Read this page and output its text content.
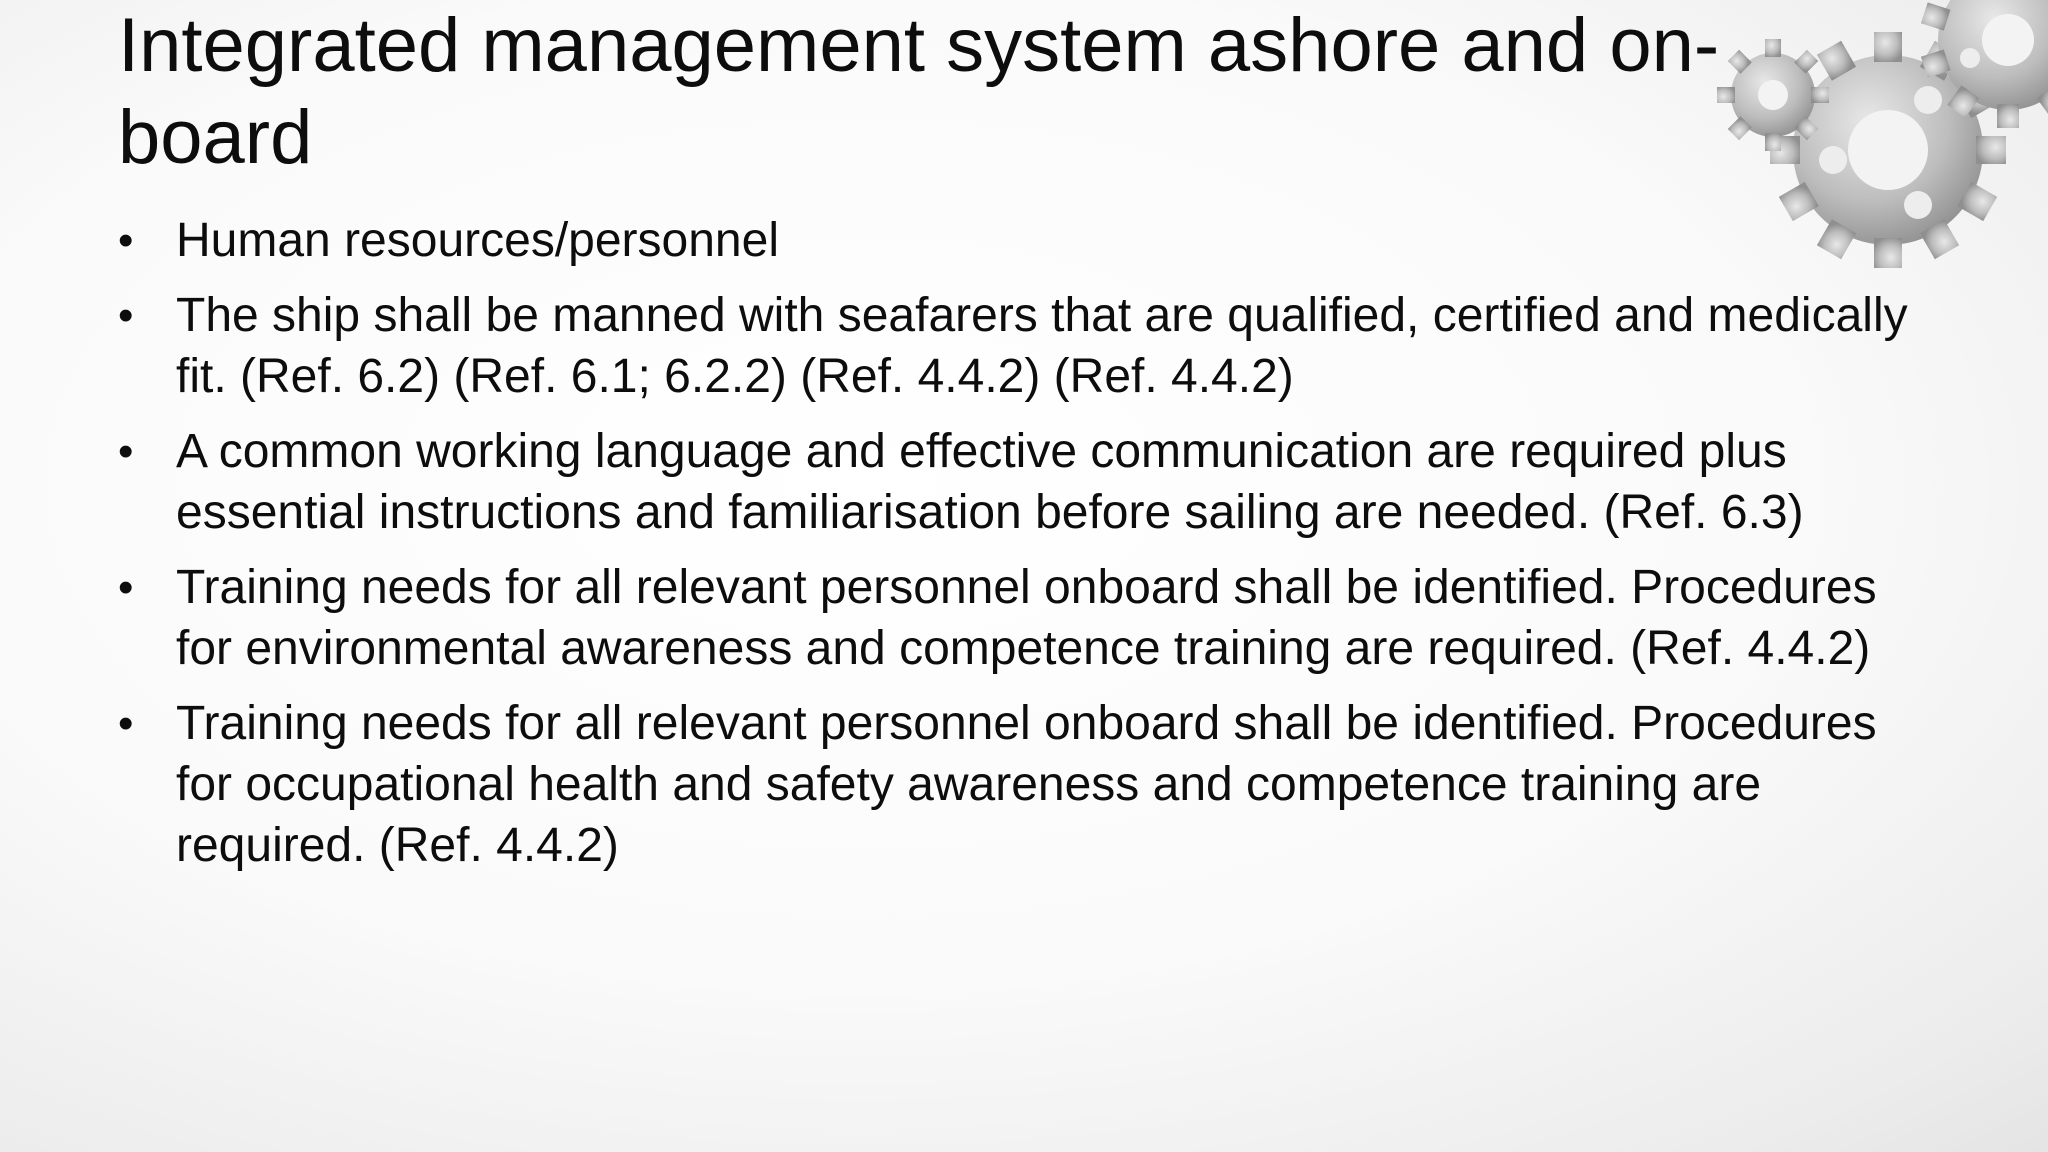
Integrated management system ashore and on-board
• Human resources/personnel
• The ship shall be manned with seafarers that are qualified, certified and medically fit. (Ref. 6.2) (Ref. 6.1; 6.2.2) (Ref. 4.4.2) (Ref. 4.4.2)
• A common working language and effective communication are required plus essential instructions and familiarisation before sailing are needed. (Ref. 6.3)
• Training needs for all relevant personnel onboard shall be identified. Procedures for environmental awareness and competence training are required. (Ref. 4.4.2)
• Training needs for all relevant personnel onboard shall be identified. Procedures for occupational health and safety awareness and competence training are required. (Ref. 4.4.2)
